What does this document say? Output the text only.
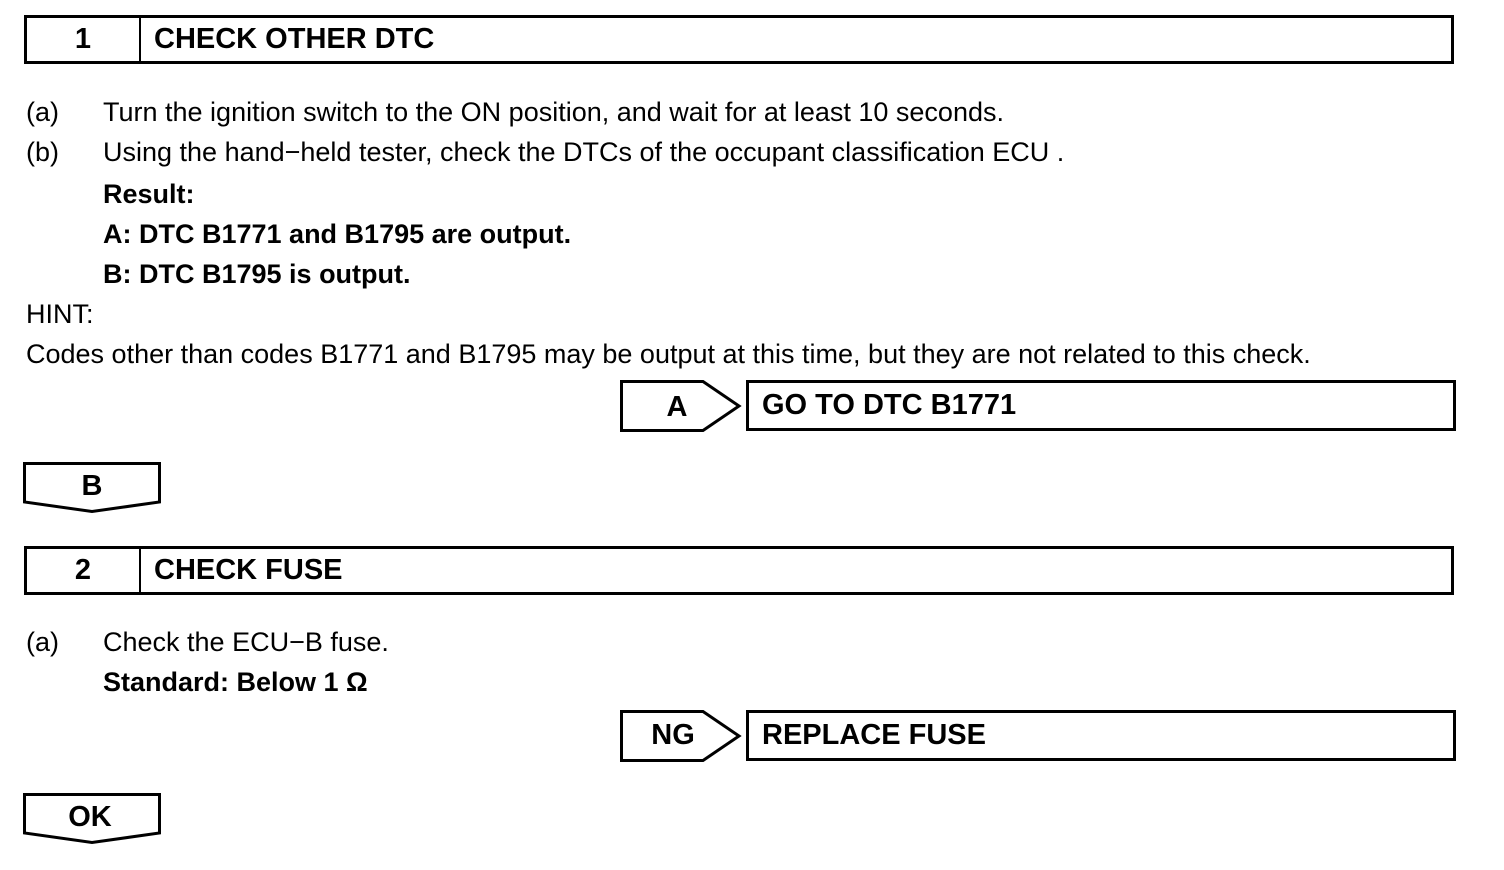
1	CHECK OTHER DTC
(a) Turn the ignition switch to the ON position, and wait for at least 10 seconds.
(b) Using the hand−held tester, check the DTCs of the occupant classification ECU .
Result:
A: DTC B1771 and B1795 are output.
B: DTC B1795 is output.
HINT:
Codes other than codes B1771 and B1795 may be output at this time, but they are not related to this check.
A	GO TO DTC B1771
B
2	CHECK FUSE
(a) Check the ECU−B fuse.
Standard: Below 1 Ω
NG	REPLACE FUSE
OK
